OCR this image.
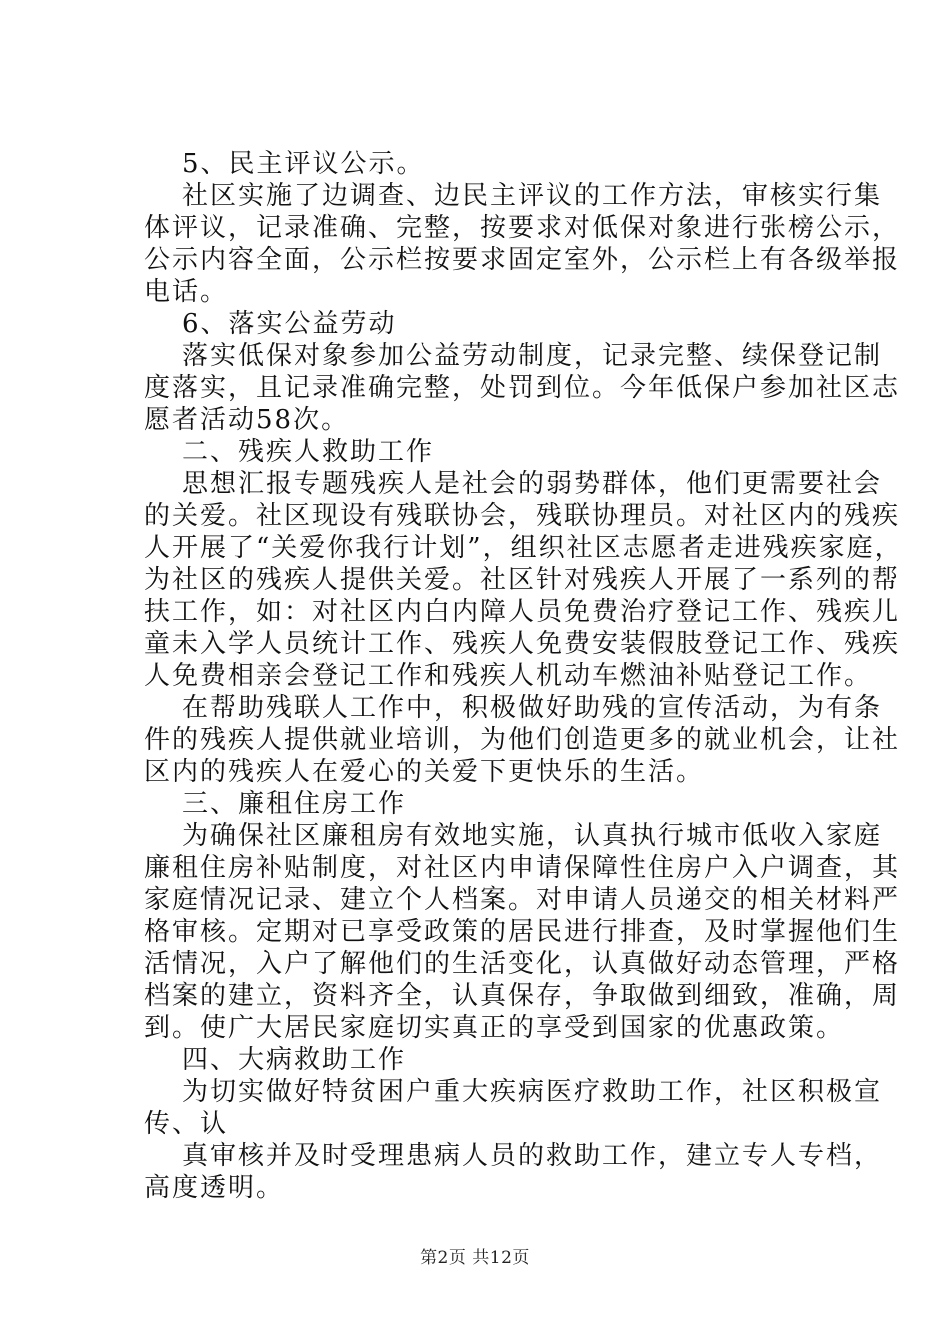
5、民主评议公示。
社区实施了边调查、边民主评议的工作方法，审核实行集
体评议，记录准确、完整，按要求对低保对象进行张榜公示，
公示内容全面，公示栏按要求固定室外，公示栏上有各级举报
电话。
6、落实公益劳动
落实低保对象参加公益劳动制度，记录完整、续保登记制
度落实，且记录准确完整，处罚到位。今年低保户参加社区志
愿者活动58次。
二、残疾人救助工作
思想汇报专题残疾人是社会的弱势群体，他们更需要社会
的关爱。社区现设有残联协会，残联协理员。对社区内的残疾
人开展了“关爱你我行计划”，组织社区志愿者走进残疾家庭，
为社区的残疾人提供关爱。社区针对残疾人开展了一系列的帮
扶工作，如：对社区内白内障人员免费治疗登记工作、残疾儿
童未入学人员统计工作、残疾人免费安装假肢登记工作、残疾
人免费相亲会登记工作和残疾人机动车燃油补贴登记工作。
在帮助残联人工作中，积极做好助残的宣传活动，为有条
件的残疾人提供就业培训，为他们创造更多的就业机会，让社
区内的残疾人在爱心的关爱下更快乐的生活。
三、廉租住房工作
为确保社区廉租房有效地实施，认真执行城市低收入家庭
廉租住房补贴制度，对社区内申请保障性住房户入户调查，其
家庭情况记录、建立个人档案。对申请人员递交的相关材料严
格审核。定期对已享受政策的居民进行排查，及时掌握他们生
活情况，入户了解他们的生活变化，认真做好动态管理，严格
档案的建立，资料齐全，认真保存，争取做到细致，准确，周
到。使广大居民家庭切实真正的享受到国家的优惠政策。
四、大病救助工作
为切实做好特贫困户重大疾病医疗救助工作，社区积极宣
传、认
真审核并及时受理患病人员的救助工作，建立专人专档，
高度透明。
第2页 共12页
